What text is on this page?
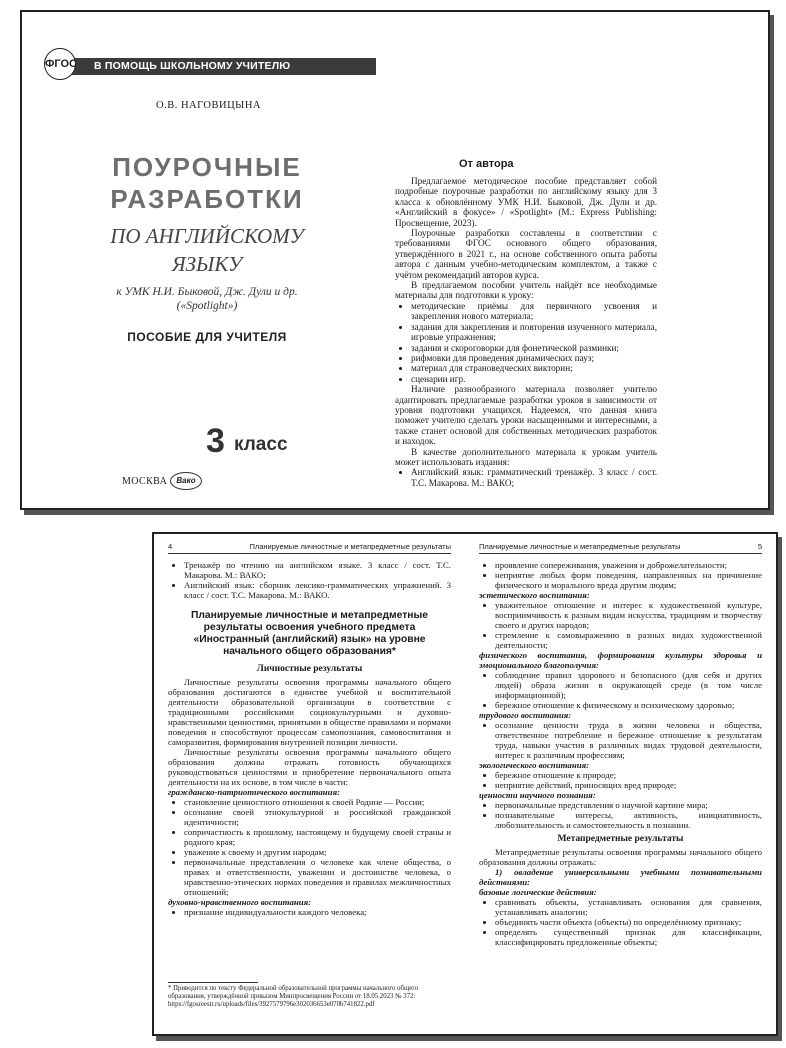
ФГОС В ПОМОЩЬ ШКОЛЬНОМУ УЧИТЕЛЮ
О.В. НАГОВИЦЫНА
ПОУРОЧНЫЕ
РАЗРАБОТКИ
ПО АНГЛИЙСКОМУ
ЯЗЫКУ
к УМК Н.И. Быковой, Дж. Дули и др.
(«Spotlight»)
ПОСОБИЕ ДЛЯ УЧИТЕЛЯ
3 класс
МОСКВА	Вако
От автора

Предлагаемое методическое пособие представляет собой подробные поурочные разработки по английскому языку для 3 класса к обновлённому УМК Н.И. Быковой, Дж. Дули и др. «Английский в фокусе» / «Spotlight» (М.: Express Publishing: Просвещение, 2023).

Поурочные разработки составлены в соответствии с требованиями ФГОС основного общего образования, утверждённого в 2021 г., на основе собственного опыта работы автора с данным учебно-методическим комплектом, а также с учётом рекомендаций авторов курса.

В предлагаемом пособии учитель найдёт все необходимые материалы для подготовки к уроку:

• методические приёмы для первичного усвоения и закрепления нового материала;
• задания для закрепления и повторения изученного материала, игровые упражнения;
• задания и скороговорки для фонетической разминки;
• рифмовки для проведения динамических пауз;
• материал для страноведческих викторин;
• сценарии игр.

Наличие разнообразного материала позволяет учителю адаптировать предлагаемые разработки уроков в зависимости от уровня подготовки учащихся. Надеемся, что данная книга поможет учителю сделать уроки насыщенными и интересными, а также станет основой для собственных методических разработок и находок.

В качестве дополнительного материала к урокам учитель может использовать издания:

• Английский язык: грамматический тренажёр. 3 класс / сост. Т.С. Макарова. М.: ВАКО;
4	Планируемые личностные и метапредметные результаты
• Тренажёр по чтению на английском языке. 3 класс / сост. Т.С. Макарова. М.: ВАКО;
• Английский язык: сборник лексико-грамматических упражнений. 3 класс / сост. Т.С. Макарова. М.: ВАКО.
Планируемые личностные и метапредметные результаты освоения учебного предмета «Иностранный (английский) язык» на уровне начального общего образования*
Личностные результаты

Личностные результаты освоения программы начального общего образования достигаются в единстве учебной и воспитательной деятельности образовательной организации в соответствии с традиционными российскими социокультурными и духовно-нравственными ценностями, принятыми в обществе правилами и нормами поведения и способствуют процессам самопознания, самовоспитания и саморазвития, формирования внутренней позиции личности.

Личностные результаты освоения программы начального общего образования должны отражать готовность обучающихся руководствоваться ценностями и приобретение первоначального опыта деятельности на их основе, в том числе в части:

гражданско-патриотического воспитания:
• становление ценностного отношения к своей Родине — России;
• осознание своей этнокультурной и российской гражданской идентичности;
• сопричастность к прошлому, настоящему и будущему своей страны и родного края;
• уважение к своему и другим народам;
• первоначальные представления о человеке как члене общества, о правах и ответственности, уважении и достоинстве человека, о нравственно-этических нормах поведения и правилах межличностных отношений;
духовно-нравственного воспитания:
• признание индивидуальности каждого человека;
* Приводится по тексту Федеральной образовательной программы начального общего образования, утверждённой приказом Минпросвещения России от 18.05.2023 № 372: https://fgosreestr.ru/uploads/files/3927579796e302036653e070b741822.pdf
Планируемые личностные и метапредметные результаты	5
• проявление сопереживания, уважения и доброжелательности;
• неприятие любых форм поведения, направленных на причинение физического и морального вреда другим людям;
эстетического воспитания:
• уважительное отношение и интерес к художественной культуре, восприимчивость к разным видам искусства, традициям и творчеству своего и других народов;
• стремление к самовыражению в разных видах художественной деятельности;
физического воспитания, формирования культуры здоровья и эмоционального благополучия:
• соблюдение правил здорового и безопасного (для себя и других людей) образа жизни в окружающей среде (в том числе информационной);
• бережное отношение к физическому и психическому здоровью;
трудового воспитания:
• осознание ценности труда в жизни человека и общества, ответственное потребление и бережное отношение к результатам труда, навыки участия в различных видах трудовой деятельности, интерес к различным профессиям;
экологического воспитания:
• бережное отношение к природе;
• неприятие действий, приносящих вред природе;
ценности научного познания:
• первоначальные представления о научной картине мира;
• познавательные интересы, активность, инициативность, любознательность и самостоятельность в познании.
Метапредметные результаты

Метапредметные результаты освоения программы начального общего образования должны отражать:

1) овладение универсальными учебными познавательными действиями:

базовые логические действия:
• сравнивать объекты, устанавливать основания для сравнения, устанавливать аналогии;
• объединять части объекта (объекты) по определённому признаку;
• определять существенный признак для классификации, классифицировать предложенные объекты;
